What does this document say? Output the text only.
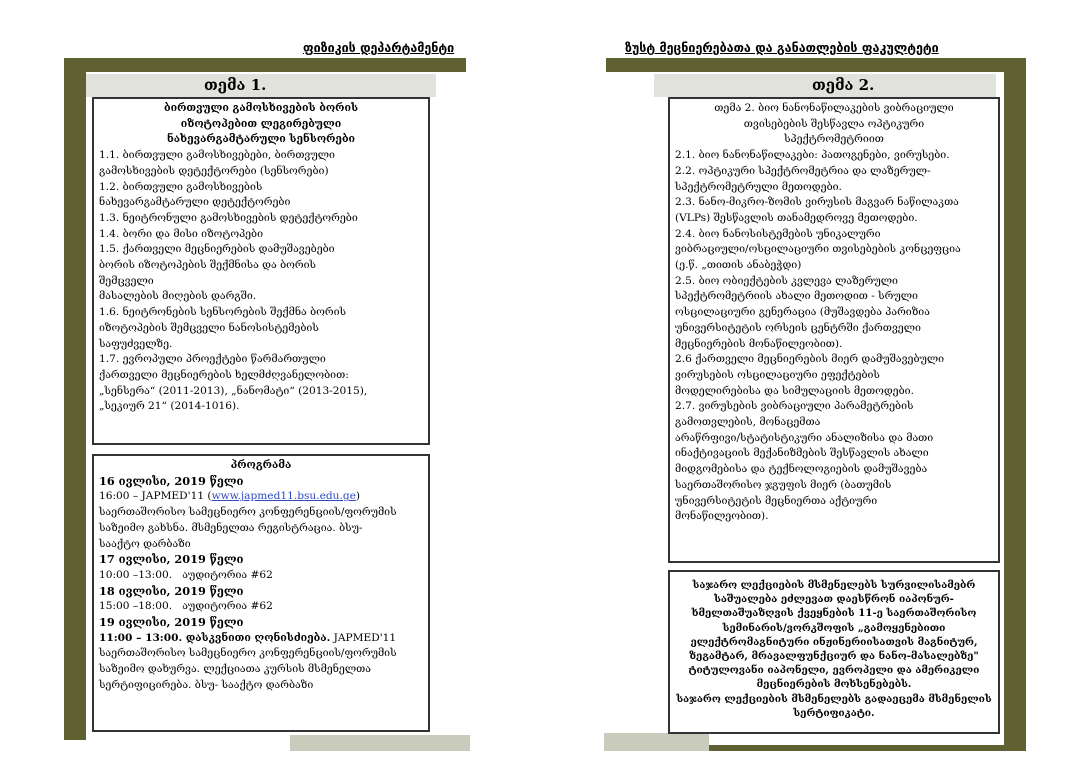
ფიზიკის დეპარტამენტი	ზუსტ მეცნიერებათა და განათლების ფაკულტეტი
თემა 1.	თემა 2.

ბირთვული გამოსხივების ბორის

იზოტოპებით ლეგირებული

ნახევარგამტარული სენსორები

1.1. ბირთვული გამოსხივებები, ბირთვული

გამოსხივების დეტექტორები (სენსორები)

1.2. ბირთვული გამოსხივების

ნახევარგამტარული დეტექტორები

1.3. ნეიტრონული გამოსხივების დეტექტორები

1.4. ბორი და მისი იზოტოპები

1.5. ქართველი მეცნიერების დამუშავებები

ბორის იზოტოპების შექმნისა და ბორის

შემცველი

მასალების მიღების დარგში.

1.6. ნეიტრონების სენსორების შექმნა ბორის

იზოტოპების შემცველი ნანოსისტემების

საფუძველზე.

1.7. ევროპული პროექტები წარმართული

ქართველი მეცნიერების ხელმძღვანელობით:

„სენსერა“ (2011-2013), „ნანომატი“ (2013-2015),

„სეკიურ 21“ (2014-1016).

პროგრამა

16 ივლისი, 2019 წელი

16:00 – JAPMED'11 (www.japmed11.bsu.edu.ge)

საერთაშორისო სამეცნიერო კონფერენციის/ფორუმის

საზეიმო გახსნა. მსმენელთა რეგისტრაცია. ბსუ-

სააქტო დარბაზი

17 ივლისი, 2019 წელი

10:00 –13:00. აუდიტორია #62

18 ივლისი, 2019 წელი

15:00 –18:00. აუდიტორია #62

19 ივლისი, 2019 წელი

11:00 – 13:00. დასკვნითი ღონისძიება. JAPMED'11

საერთაშორისო სამეცნიერო კონფერენციის/ფორუმის

საზეიმო დახურვა. ლექციათა კურსის მსმენელთა

სერტიფიცირება. ბსუ- სააქტო დარბაზი

თემა 2. ბიო ნანონაწილაკების ვიბრაციული

თვისებების შესწავლა ოპტიკური

სპექტრომეტრიით

2.1. ბიო ნანონაწილაკები: პათოგენები, ვირუსები.

2.2. ოპტიკური სპექტრომეტრია და ლაზერულ-

სპექტრომეტრული მეთოდები.

2.3. ნანო-მიკრო-ზომის ვირუსის მაგვარ ნაწილაკთა

(VLPs) შესწავლის თანამედროვე მეთოდები.

2.4. ბიო ნანოსისტემების უნიკალური

ვიბრაციული/ოსცილაციური თვისებების კონცეფცია

(ე.წ. „თითის ანაბეჭდი)

2.5. ბიო ობიექტების კვლევა ლაზერული

სპექტრომეტრიის ახალი მეთოდით - სრული

ოსცილაციური გენერაცია (მუშავდება პარიზია

უნივერსიტეტის ორსეის ცენტრში ქართველი

მეცნიერების მონაწილეობით).

2.6 ქართველი მეცნიერების მიერ დამუშავებული

ვირუსების ოსცილაციური ეფექტების

მოდელირებისა და სიმულაციის მეთოდები.

2.7. ვირუსების ვიბრაციული პარამეტრების

გამოთვლების, მონაცემთა

არაწრფივი/სტატისტიკური ანალიზისა და მათი

ინაქტივაციის მექანიზმების შესწავლის ახალი

მიდგომებისა და ტექნოლოგიების დამუშავება

საერთაშორისო ჯგუფის მიერ (ბათუმის

უნივერსიტეტის მეცნიერთა აქტიური

მონაწილეობით).

საჯარო ლექციების მსმენელებს სურვილისამებრ

საშუალება ეძლევათ დაესწრონ იაპონურ-

ხმელთაშუაზღვის ქვეყნების 11-ე საერთაშორისო

სემინარის/ვორკშოფის „გამოყენებითი

ელექტრომაგნიტური ინჟინერიისათვის მაგნიტურ,

ზეგამტარ, მრავალფუნქციურ და ნანო-მასალებზე"

ტიტულოვანი იაპონელი, ევროპელი და ამერიკელი

მეცნიერების მოხსენებებს.

საჯარო ლექციების მსმენელებს გადაეცემა მსმენელის

სერტიფიკატი.
